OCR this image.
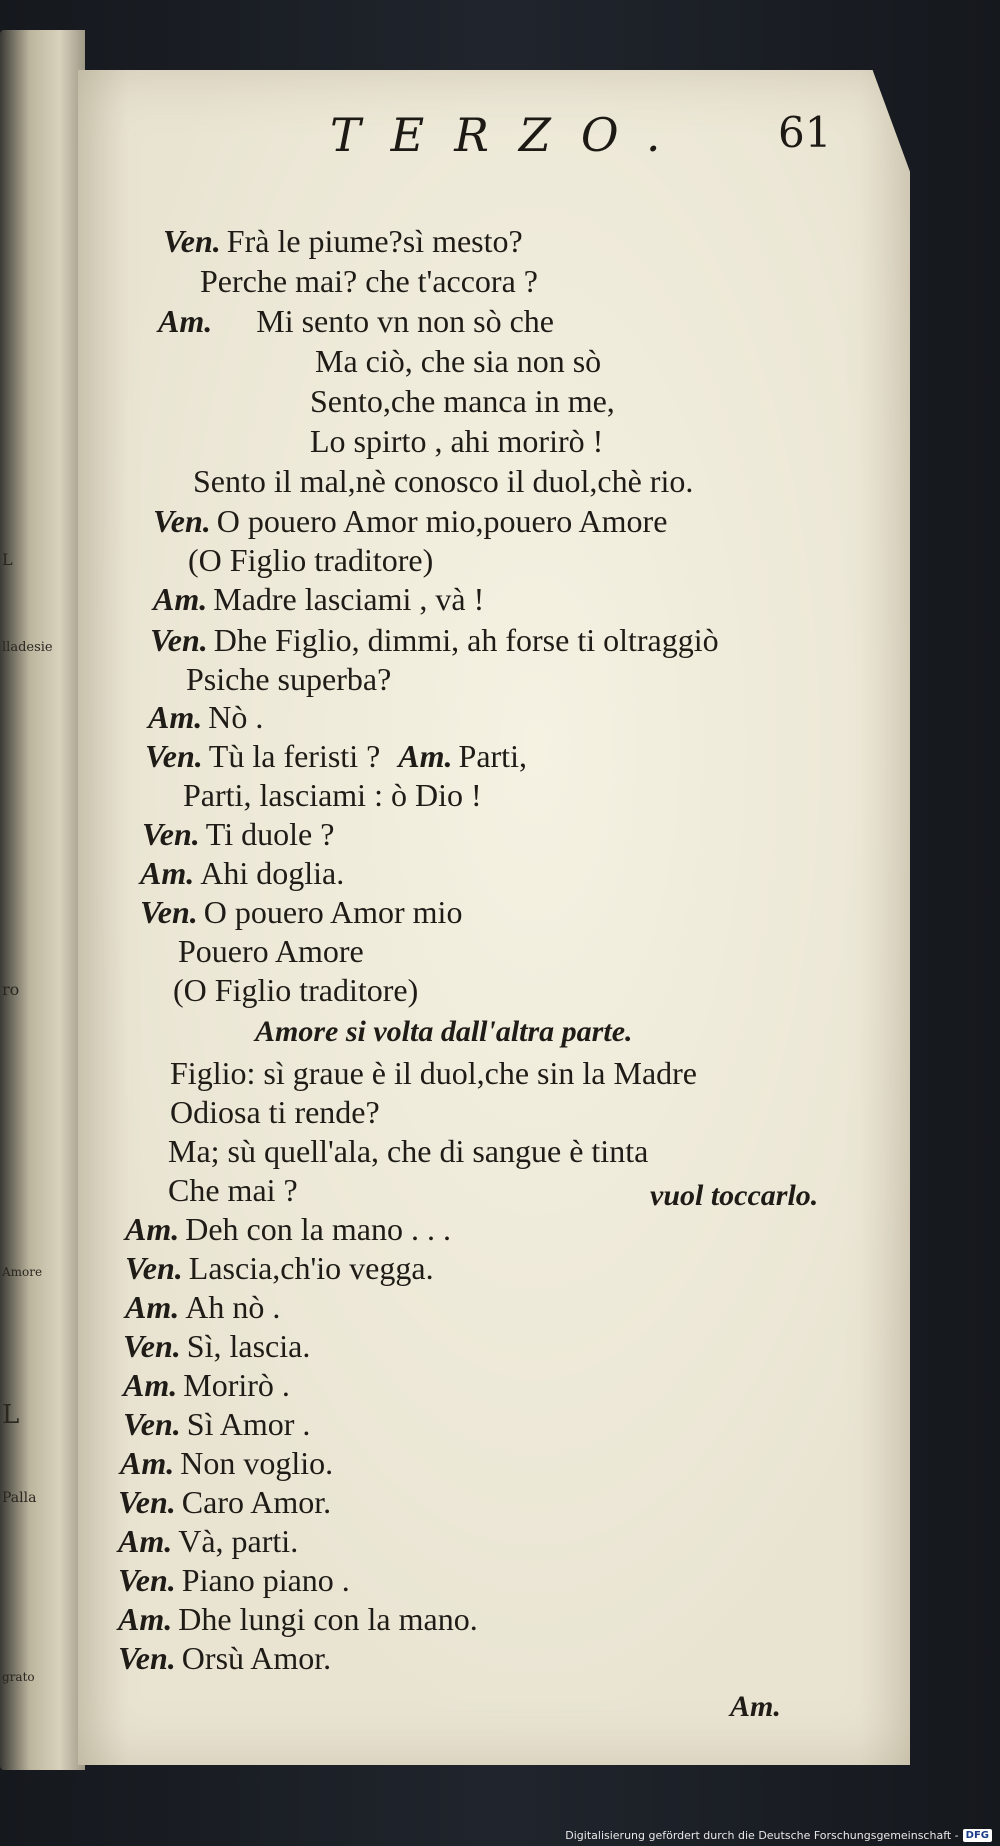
L
lladesie
ro
Amore
L
Palla
grato
TERZO. 61
Ven. Frà le piume?sì mesto?
Perche mai? che t'accora ?
Am. Mi sento vn non sò che
Ma ciò, che sia non sò
Sento,che manca in me,
Lo spirto , ahi morirò !
Sento il mal,nè conosco il duol,chè rio.
Ven. O pouero Amor mio,pouero Amore
(O Figlio traditore)
Am. Madre lasciami , và !
Ven. Dhe Figlio, dimmi, ah forse ti oltraggiò
Psiche superba?
Am. Nò .
Ven. Tù la feristi ? Am. Parti,
Parti, lasciami : ò Dio !
Ven. Ti duole ?
Am. Ahi doglia.
Ven. O pouero Amor mio
Pouero Amore
(O Figlio traditore)
Amore si volta dall'altra parte.
Figlio: sì graue è il duol,che sin la Madre
Odiosa ti rende?
Ma; sù quell'ala, che di sangue è tinta
Che mai ?	vuol toccarlo.
Am. Deh con la mano . . .
Ven. Lascia,ch'io vegga.
Am. Ah nò .
Ven. Sì, lascia.
Am. Morirò .
Ven. Sì Amor .
Am. Non voglio.
Ven. Caro Amor.
Am. Và, parti.
Ven. Piano piano .
Am. Dhe lungi con la mano.
Ven. Orsù Amor.
Am.
Digitalisierung gefördert durch die Deutsche Forschungsgemeinschaft - DFG
